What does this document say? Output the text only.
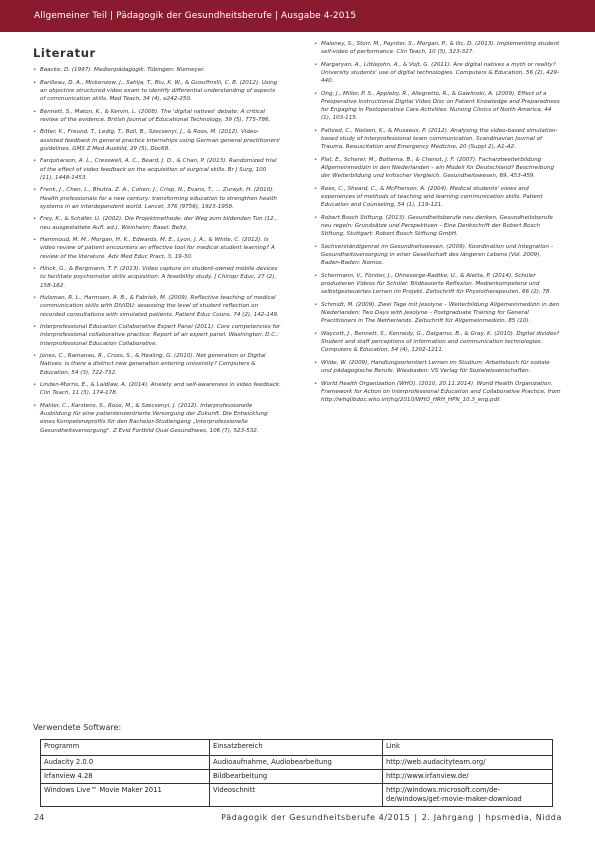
Allgemeiner Teil | Pädagogik der Gesundheitsberufe | Ausgabe 4-2015
Literatur
• Baacke, D. (1997). Medienpädagogik. Tübingen: Niemeyer.
• Barilleau, D. A., Mickenzow, J., Sahlja, T., Biu, K. W., & Gusuffmilli, C. B. (2012). Using an objective structured video exam to identify differential understanding of aspects of communication skills. Med Teach, 34 (4), e242-250.
• Bennett, S., Maton, K., & Kervin, L. (2008). The 'digital natives' debate: A critical review of the evidence. British Journal of Educational Technology, 39 (5), 775-786.
• Bitter, K., Freund, T., Ledig, T., Boll, B., Szecsenyi, J., & Roos, M. (2012). Video-assisted feedback in general practice internships using German general practitioners' guidelines. GMS Z Med Ausbild, 29 (5), Doc68.
• Farquharson, A. L., Cresswell, A. C., Beard, J. D., & Chan, P. (2013). Randomized trial of the effect of video feedback on the acquisition of surgical skills. Br J Surg, 100 (11), 1448-1453.
• Frenk, J., Chen, L., Bhutta, Z. A., Cohen, J., Crisp, N., Evans, T., ... Zurayk, H. (2010). Health professionals for a new century: transforming education to strengthen health systems in an interdependent world. Lancet, 376 (9756), 1923-1958.
• Frey, K., & Schäfer, U. (2002). Die Projektmethode: der Weg zum bildenden Tun (12., neu ausgestaltete Aufl. ed.). Weinheim; Basel: Beltz.
• Hammoud, M. M., Morgan, H. K., Edwards, M. E., Lyon, J. A., & White, C. (2012). Is video review of patient encounters an effective tool for medical student learning? A review of the literature. Adv Med Educ Pract, 3, 19-30.
• Hinck, G., & Bergmann, T. F. (2013). Video capture on student-owned mobile devices to facilitate psychomotor skills acquisition: A feasibility study. J Chiropr Educ, 27 (2), 158-162.
• Hulsman, R. L., Harmsen, A. B., & Fabriek, M. (2009). Reflective teaching of medical communication skills with DiViDU: assessing the level of student reflection on recorded consultations with simulated patients. Patient Educ Couns, 74 (2), 142-149.
• Interprofessional Education Collaborative Expert Panel (2011). Core competencies for interprofessional collaborative practice: Report of an expert panel. Washington, D.C.: Interprofessional Education Collaborative.
• Jones, C., Ramanau, R., Cross, S., & Healing, G. (2010). Net generation or Digital Natives: Is there a distinct new generation entering university? Computers & Education, 54 (3), 722-732.
• Linden-Morris, E., & Laidlaw, A. (2014). Anxiety and self-awareness in video feedback. Clin Teach, 11 (3), 174-178.
• Mahler, C., Karstens, S., Roos, M., & Szecsenyi, J. (2012). Interprofessionelle Ausbildung für eine patientenzentrierte Versorgung der Zukunft. Die Entwicklung eines Kompetenzprofils für den Bachelor-Studiengang „Interprofessionelle Gesundheitsversorgung". Z Evid Fortbild Qual Gesundhwes, 106 (7), 523-532.
• Maloney, S., Storr, M., Paynter, S., Morgan, P., & Ilic, D. (2013). Implementing student self-video of performance. Clin Teach, 10 (5), 323-327.
• Margaryan, A., Littlejohn, A., & Vojt, G. (2011). Are digital natives a myth or reality? University students' use of digital technologies. Computers & Education, 56 (2), 429-440.
• Ong, J., Miller, P. S., Appleby, R., Allegretto, R., & Gawlinski, A. (2009). Effect of a Preoperative Instructional Digital Video Disc on Patient Knowledge and Preparedness for Engaging in Postoperative Care Activities. Nursing Clinics of North America, 44 (1), 103-115.
• Paltved, C., Nielsen, K., & Musaeus, P. (2012). Analysing the video-based simulation-based study of interprofessional team communication. Scandinavian Journal of Trauma, Resuscitation and Emergency Medicine, 20 (Suppl 2), A1-A2.
• Plat, E., Scherer, M., Bottema, B., & Chenot, J. F. (2007). Facharztweiterbildung Allgemeinmedizin in den Niederlanden – ein Modell für Deutschland? Beschreibung der Weiterbildung und kritischer Vergleich. Gesundheitswesen, 69, 453-459.
• Rees, C., Sheard, C., & McPherson, A. (2004). Medical students' views and experiences of methods of teaching and learning communication skills. Patient Education and Counseling, 54 (1), 119-121.
• Robert Bosch Stiftung. (2013). Gesundheitsberufe neu denken, Gesundheitsberufe neu regeln: Grundsätze und Perspektiven – Eine Denkschrift der Robert Bosch Stiftung. Stuttgart: Robert Bosch Stiftung GmbH.
• Sachverständigenrat im Gesundheitswesen. (2009). Koordination und Integration – Gesundheitsversorgung in einer Gesellschaft des längeren Lebens (Vol. 2009). Baden-Baden: Nomos.
• Schermann, V., Förster, J., Ohnesorge-Radtke, U., & Aletta, P. (2014). Schüler produzieren Videos für Schüler. Bildbasierte Reflexion. Medienkompetenz und selbstgesteuertes Lernen im Projekt. Zeitschrift für Physiotherapeuten, 66 (2), 78.
• Schmidt, M. (2009). Zwei Tage mit Jesolyne – Weiterbildung Allgemeinmedizin in den Niederlanden: Two Days with Jesolyne – Postgraduate Training for General Practitioners in The Netherlands. Zeitschrift für Allgemeinmedizin, 85 (10).
• Waycott, J., Bennett, S., Kennedy, G., Dalgarno, B., & Gray, K. (2010). Digital divides? Student and staff perceptions of information and communication technologies. Computers & Education, 54 (4), 1202-1211.
• Wilde, W. (2009). Handlungsorientiert Lernen im Studium: Arbeitsbuch für soziale und pädagogische Berufe. Wiesbaden: VS Verlag für Sozialwissenschaften.
• World Health Organization (WHO). (2010, 20.11.2014). World Health Organization. Framework for Action on Interprofessional Education and Collaborative Practice, from http://whqlibdoc.who.int/hq/2010/WHO_HRH_HPN_10.3_eng.pdf.
Verwendete Software:
Programm	Einsatzbereich	Link
Audacity 2.0.0	Audioaufnahme, Audiobearbeitung	http://web.audacityteam.org/
Irfanview 4.28	Bildbearbeitung	http://www.irfanview.de/
Windows Live™ Movie Maker 2011	Videoschnitt	http://windows.microsoft.com/de-de/windows/get-movie-maker-download
24	Pädagogik der Gesundheitsberufe 4/2015 | 2. Jahrgang | hpsmedia, Nidda
